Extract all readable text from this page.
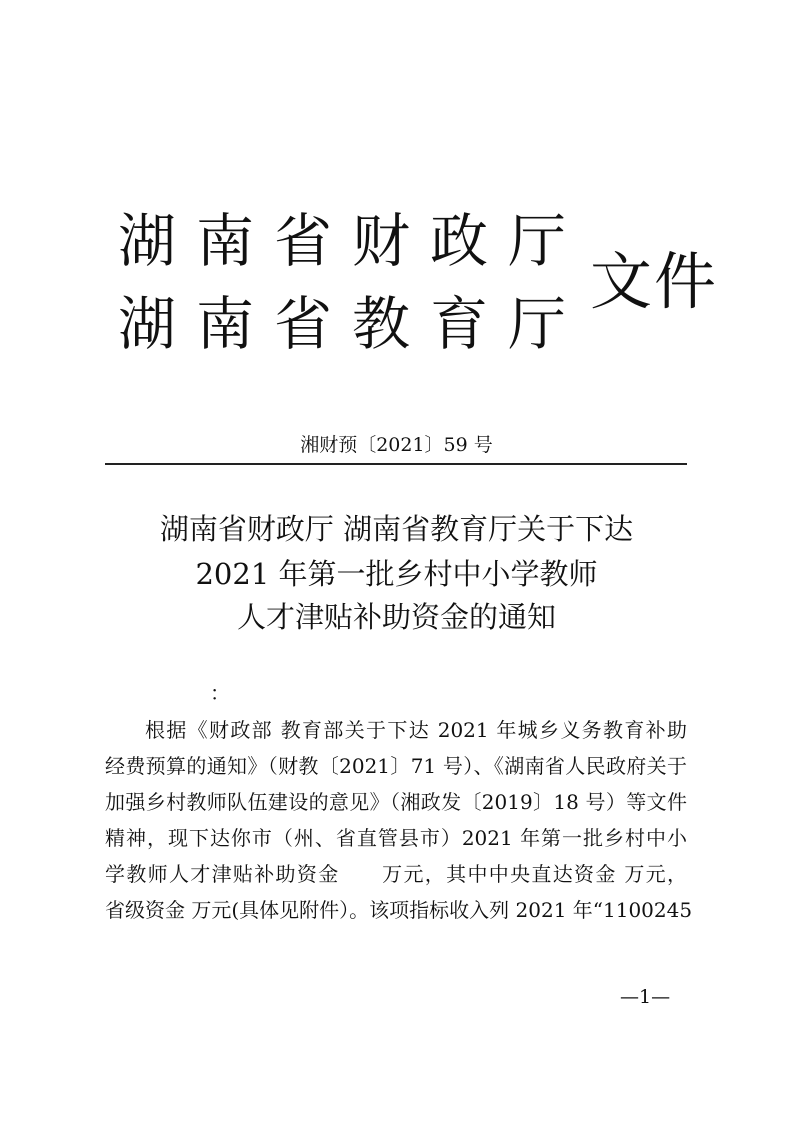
湖南省财政厅
湖南省教育厅
文件
湘财预〔2021〕59 号
湖南省财政厅 湖南省教育厅关于下达
2021 年第一批乡村中小学教师
人才津贴补助资金的通知
：
根据《财政部 教育部关于下达 2021 年城乡义务教育补助
经费预算的通知》（财教〔2021〕71 号）、《湖南省人民政府关于
加强乡村教师队伍建设的意见》（湘政发〔2019〕18 号）等文件
精神，现下达你市（州、省直管县市）2021 年第一批乡村中小
学教师人才津贴补助资金　　万元，其中中央直达资金 万元，
省级资金 万元(具体见附件）。该项指标收入列 2021 年“1100245
—1—
